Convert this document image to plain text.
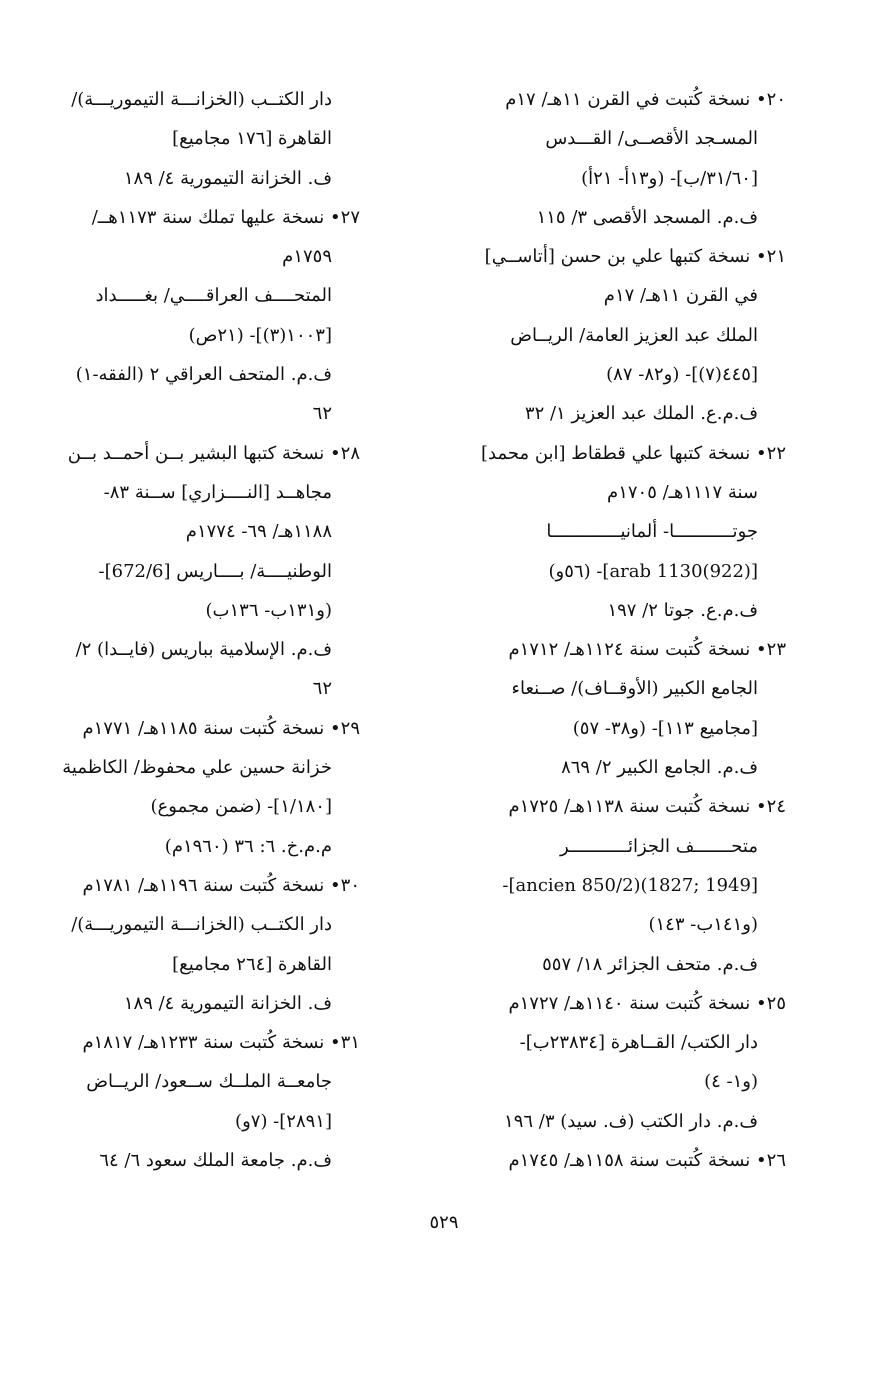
٢٠• نسخة كُتبت في القرن ١١هـ/ ١٧م
المسـجد الأقصــى/ القـــدس
[٣١/٦٠/ب]- (و١٣أ- ٢١أ)
ف.م. المسجد الأقصى ٣/ ١١٥
٢١• نسخة كتبها علي بن حسن [أتاســي]
في القرن ١١هـ/ ١٧م
الملك عبد العزيز العامة/ الريــاض
[٤٤٥(٧)]- (و٨٢- ٨٧)
ف.م.ع. الملك عبد العزيز ١/ ٣٢
٢٢• نسخة كتبها علي قطقاط [ابن محمد]
سنة ١١١٧هـ/ ١٧٠٥م
جوتـــــــــــا- ألمانيـــــــــــــا
[arab 1130(922)]- (٥٦و)
ف.م.ع. جوتا ٢/ ١٩٧
٢٣• نسخة كُتبت سنة ١١٢٤هـ/ ١٧١٢م
الجامع الكبير (الأوقــاف)/ صــنعاء
[مجاميع ١١٣]- (و٣٨- ٥٧)
ف.م. الجامع الكبير ٢/ ٨٦٩
٢٤• نسخة كُتبت سنة ١١٣٨هـ/ ١٧٢٥م
متحـــــــف الجزائـــــــــــر
[ancien 850/2)(1827; 1949]-
(و١٤١ب- ١٤٣)
ف.م. متحف الجزائر ١٨/ ٥٥٧
٢٥• نسخة كُتبت سنة ١١٤٠هـ/ ١٧٢٧م
دار الكتب/ القــاهرة [٢٣٨٣٤ب]-
(و١- ٤)
ف.م. دار الكتب (ف. سيد) ٣/ ١٩٦
٢٦• نسخة كُتبت سنة ١١٥٨هـ/ ١٧٤٥م
دار الكتــب (الخزانـــة التيموريـــة)/
القاهرة [١٧٦ مجاميع]
ف. الخزانة التيمورية ٤/ ١٨٩
٢٧• نسخة عليها تملك سنة ١١٧٣هــ/
١٧٥٩م
المتحــــف العراقــــي/ بغـــــداد
[١٠٠٣(٣)]- (٢١ص)
ف.م. المتحف العراقي ٢ (الفقه-١)
٦٢
٢٨• نسخة كتبها البشير بــن أحمــد بــن
مجاهــد [النــــزاري] ســنة ٨٣-
١١٨٨هـ/ ٦٩- ١٧٧٤م
الوطنيــــة/ بــــاريس [672/6]-
(و١٣١ب- ١٣٦ب)
ف.م. الإسلامية بباريس (فايــدا) ٢/
٦٢
٢٩• نسخة كُتبت سنة ١١٨٥هـ/ ١٧٧١م
خزانة حسين علي محفوظ/ الكاظمية
[١/١٨٠]- (ضمن مجموع)
م.م.خ. ٦: ٣٦ (١٩٦٠م)
٣٠• نسخة كُتبت سنة ١١٩٦هـ/ ١٧٨١م
دار الكتــب (الخزانـــة التيموريـــة)/
القاهرة [٢٦٤ مجاميع]
ف. الخزانة التيمورية ٤/ ١٨٩
٣١• نسخة كُتبت سنة ١٢٣٣هـ/ ١٨١٧م
جامعــة الملــك ســعود/ الريــاض
[٢٨٩١]- (٧و)
ف.م. جامعة الملك سعود ٦/ ٦٤
٥٢٩
